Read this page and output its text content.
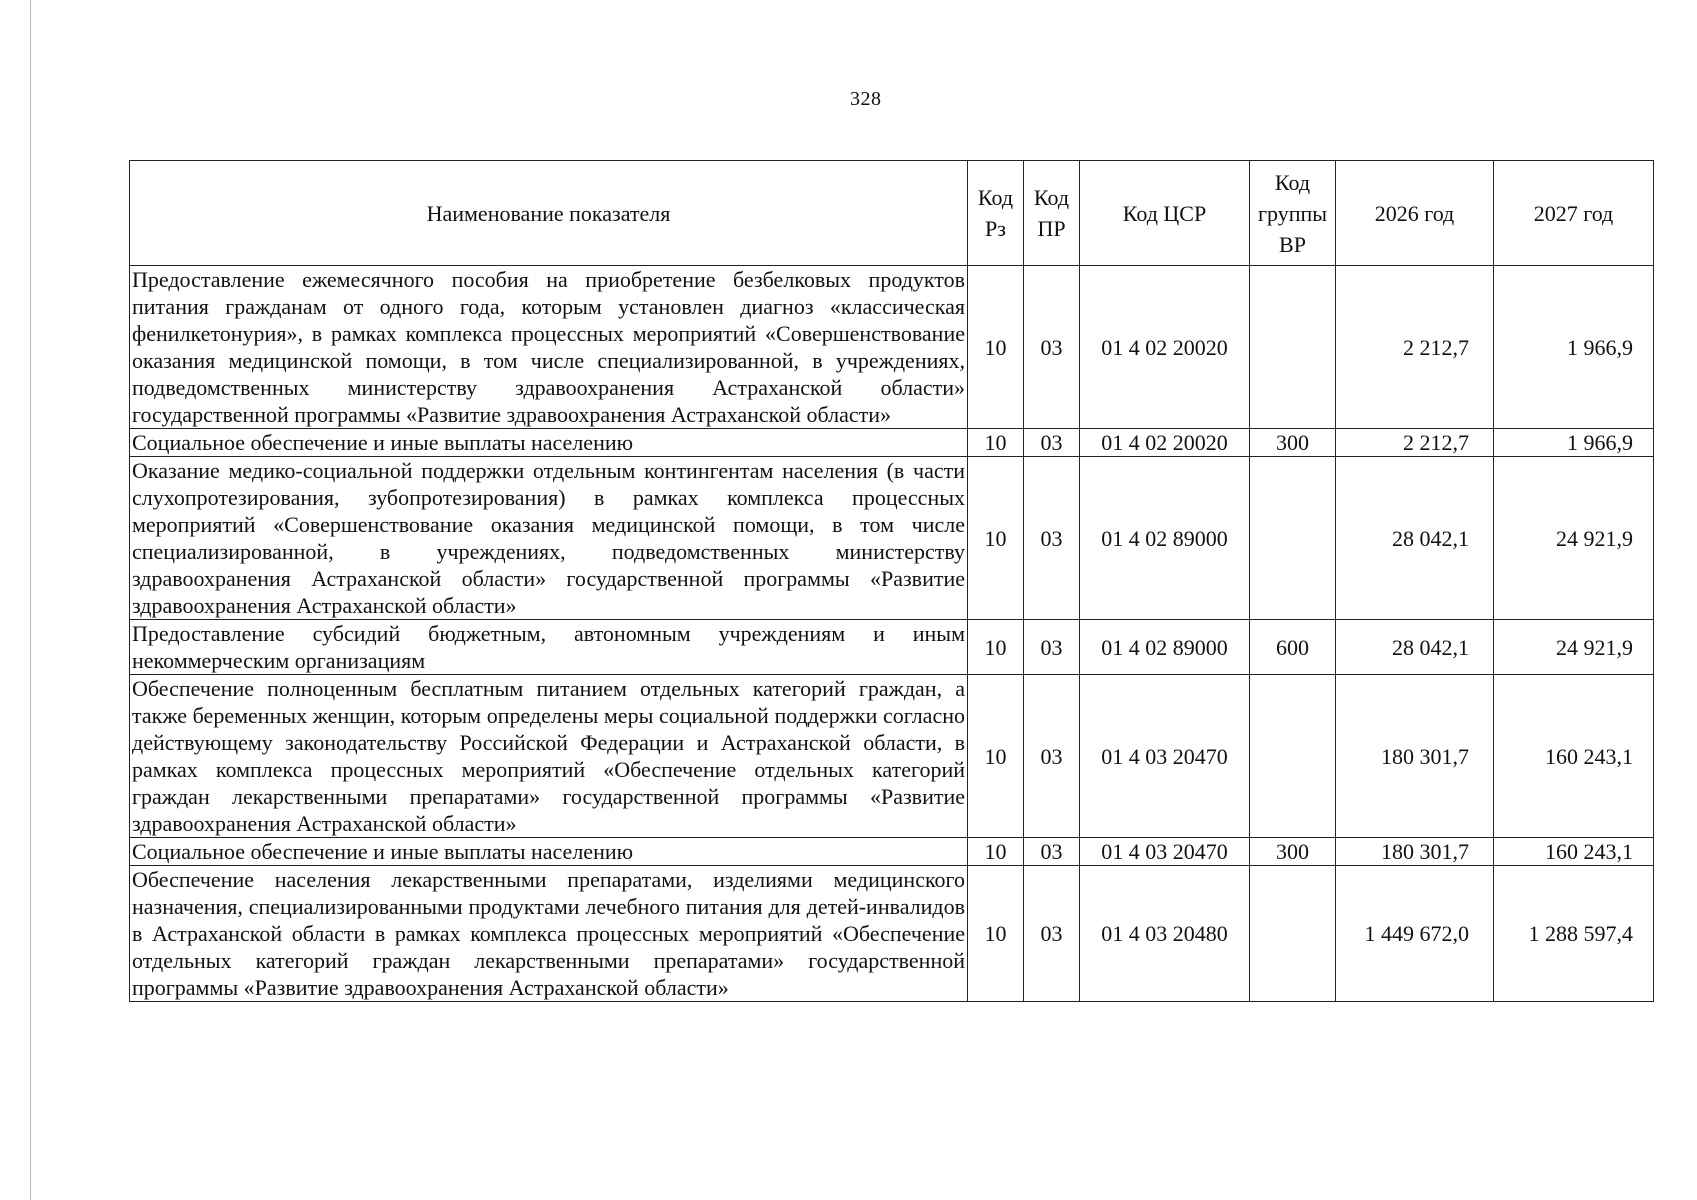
328
Наименование показателя	Код Рз	Код ПР	Код ЦСР	Код группы ВР	2026 год	2027 год
Предоставление ежемесячного пособия на приобретение безбелковых продуктов питания гражданам от одного года, которым установлен диагноз «классическая фенилкетонурия», в рамках комплекса процессных мероприятий «Совершенствование оказания медицинской помощи, в том числе специализированной, в учреждениях, подведомственных министерству здравоохранения Астраханской области» государственной программы «Развитие здравоохранения Астраханской области»	10	03	01 4 02 20020		2 212,7	1 966,9
Социальное обеспечение и иные выплаты населению	10	03	01 4 02 20020	300	2 212,7	1 966,9
Оказание медико-социальной поддержки отдельным контингентам населения (в части слухопротезирования, зубопротезирования) в рамках комплекса процессных мероприятий «Совершенствование оказания медицинской помощи, в том числе специализированной, в учреждениях, подведомственных министерству здравоохранения Астраханской области» государственной программы «Развитие здравоохранения Астраханской области»	10	03	01 4 02 89000		28 042,1	24 921,9
Предоставление субсидий бюджетным, автономным учреждениям и иным некоммерческим организациям	10	03	01 4 02 89000	600	28 042,1	24 921,9
Обеспечение полноценным бесплатным питанием отдельных категорий граждан, а также беременных женщин, которым определены меры социальной поддержки согласно действующему законодательству Российской Федерации и Астраханской области, в рамках комплекса процессных мероприятий «Обеспечение отдельных категорий граждан лекарственными препаратами» государственной программы «Развитие здравоохранения Астраханской области»	10	03	01 4 03 20470		180 301,7	160 243,1
Социальное обеспечение и иные выплаты населению	10	03	01 4 03 20470	300	180 301,7	160 243,1
Обеспечение населения лекарственными препаратами, изделиями медицинского назначения, специализированными продуктами лечебного питания для детей-инвалидов в Астраханской области в рамках комплекса процессных мероприятий «Обеспечение отдельных категорий граждан лекарственными препаратами» государственной программы «Развитие здравоохранения Астраханской области»	10	03	01 4 03 20480		1 449 672,0	1 288 597,4
